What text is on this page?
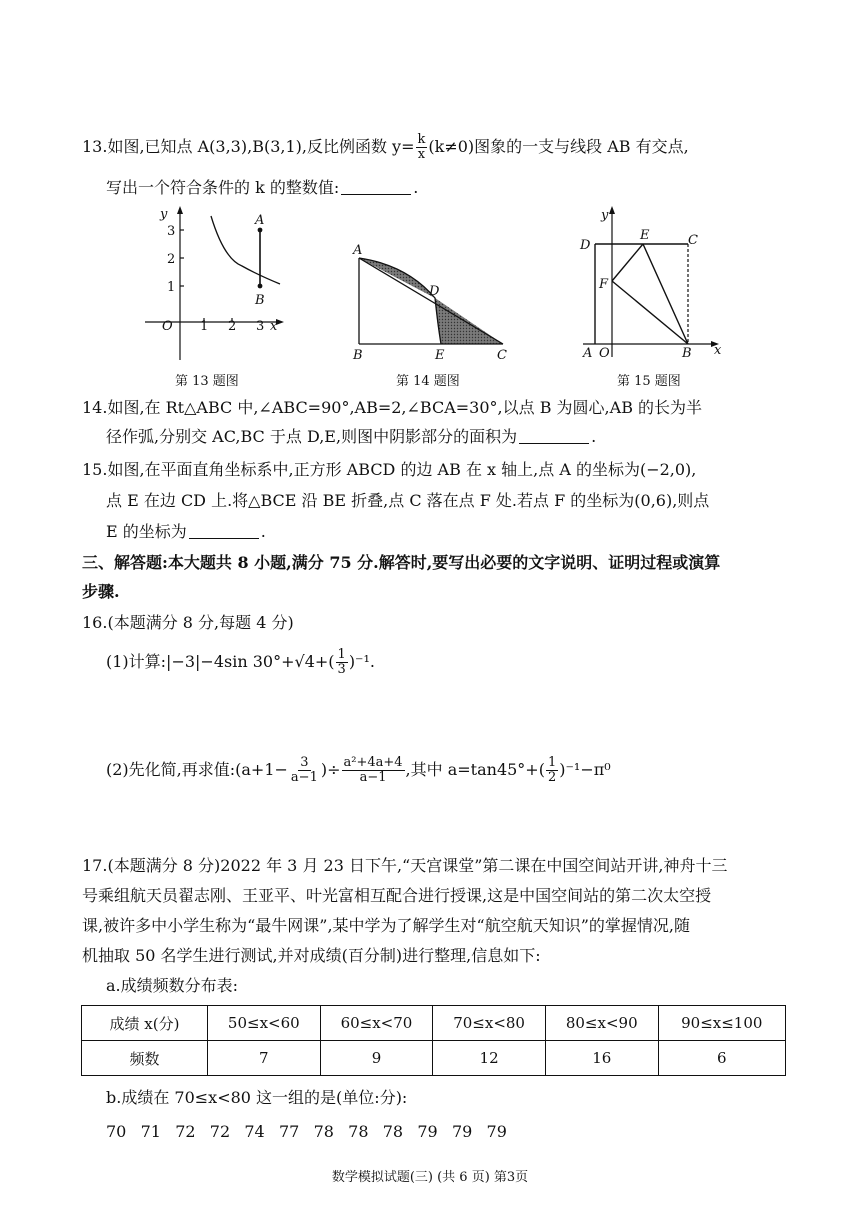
13.如图,已知点 A(3,3),B(3,1),反比例函数 $y= \frac{k}{x} (k\ne 0)$图象的一支与线段 AB 有交点,
写出一个符合条件的 k 的整数值:	.
y
x
O
A
B
1 2 3
1
2
3
第 13 题图
A
B	C
D
E
第 14 题图
y
x
D
E	C
F
A O	B
第 15 题图
14.如图,在 Rt△ABC 中,∠ABC=90°,AB=2,∠BCA=30°,以点 B 为圆心,AB 的长为半
径作弧,分别交 AC,BC 于点 D,E,则图中阴影部分的面积为	.
15.如图,在平面直角坐标系中,正方形 ABCD 的边 AB 在 x 轴上,点 A 的坐标为(−2,0),
点 E 在边 CD 上.将△BCE 沿 BE 折叠,点 C 落在点 F 处.若点 F 的坐标为(0,6),则点
E 的坐标为	.
三、解答题:本大题共 8 小题,满分 75 分.解答时,要写出必要的文字说明、证明过程或演算
步骤.
16.(本题满分 8 分,每题 4 分)
(1)计算:|−3|−4sin $30^\circ+√4+( \frac{1}{3} )^{-1}$.
(2)先化简,再求值:(a+1− $\frac{3}{a-1}$ )÷ $\frac{\text{a²+4a+4}}{a-1}$ ,其中 $a=\tan 45^\circ+( \frac{1}{2} )^{-1}-\pi^0$
17.(本题满分 8 分)2022 年 3 月 23 日下午,“天宫课堂”第二课在中国空间站开讲,神舟十三
号乘组航天员翟志刚、王亚平、叶光富相互配合进行授课,这是中国空间站的第二次太空授
课,被许多中小学生称为“最牛网课”,某中学为了解学生对“航空航天知识”的掌握情况,随
机抽取 50 名学生进行测试,并对成绩(百分制)进行整理,信息如下:
a.成绩频数分布表:
成绩 x(分)	50≤x<60	60≤x<70	70≤x<80	80≤x<90	90≤x≤100
频数	7	9	12	16	6
b.成绩在 70≤x<80 这一组的是(单位:分):
70 71 72 72 74 77 78 78 78 79 79 79
数学模拟试题(三) (共 6 页) 第3页
